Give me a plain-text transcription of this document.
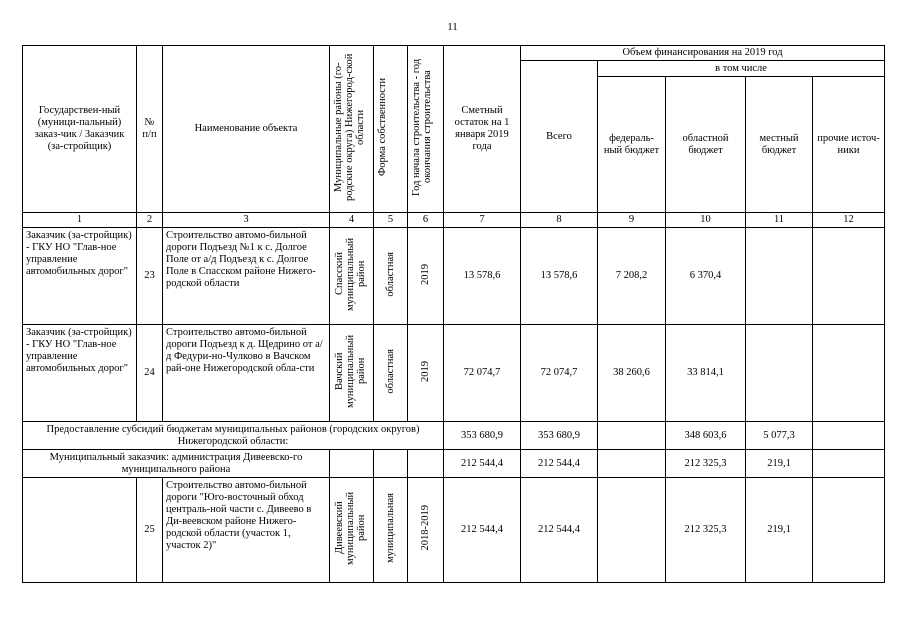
11
Государствен-ный (муници-пальный) заказ-чик / Заказчик (за-стройщик)	№ п/п	Наименование объекта	Муниципальные районы (го-родские округа) Нижегород-ской области	Форма собственности	Год начала строительства - год окончания строительства	Сметный остаток на 1 января 2019 года	Объем финансирования на 2019 год				
							Всего	в том числе			
								федераль-ный бюджет	областной бюджет	местный бюджет	прочие источ-ники
1	2	3	4	5	6	7	8	9	10	11	12
Заказчик (за-стройщик) - ГКУ НО "Глав-ное управление автомобильных дорог"	23	Строительство автомо-бильной дороги Подъезд №1 к с. Долгое Поле от а/д Подъезд к с. Долгое Поле в Спасском районе Нижего-родской области	Спасский муниципальный район	областная	2019	13 578,6	13 578,6	7 208,2	6 370,4		
Заказчик (за-стройщик) - ГКУ НО "Глав-ное управление автомобильных дорог"	24	Строительство автомо-бильной дороги Подъезд к д. Щедрино от а/д Федури-но-Чулково в Вачском рай-оне Нижегородской обла-сти	Вачский муниципальный район	областная	2019	72 074,7	72 074,7	38 260,6	33 814,1		
Предоставление субсидий бюджетам муниципальных районов (городских округов) Нижегородской области:						353 680,9	353 680,9		348 603,6	5 077,3	
Муниципальный заказчик: администрация Дивеевско-го муниципального района						212 544,4	212 544,4		212 325,3	219,1	
	25	Строительство автомо-бильной дороги "Юго-восточный обход централь-ной части с. Дивеево в Ди-веевском районе Нижего-родской области (участок 1, участок 2)"	Дивеевский муниципальный район	муниципальная	2018-2019	212 544,4	212 544,4		212 325,3	219,1	
